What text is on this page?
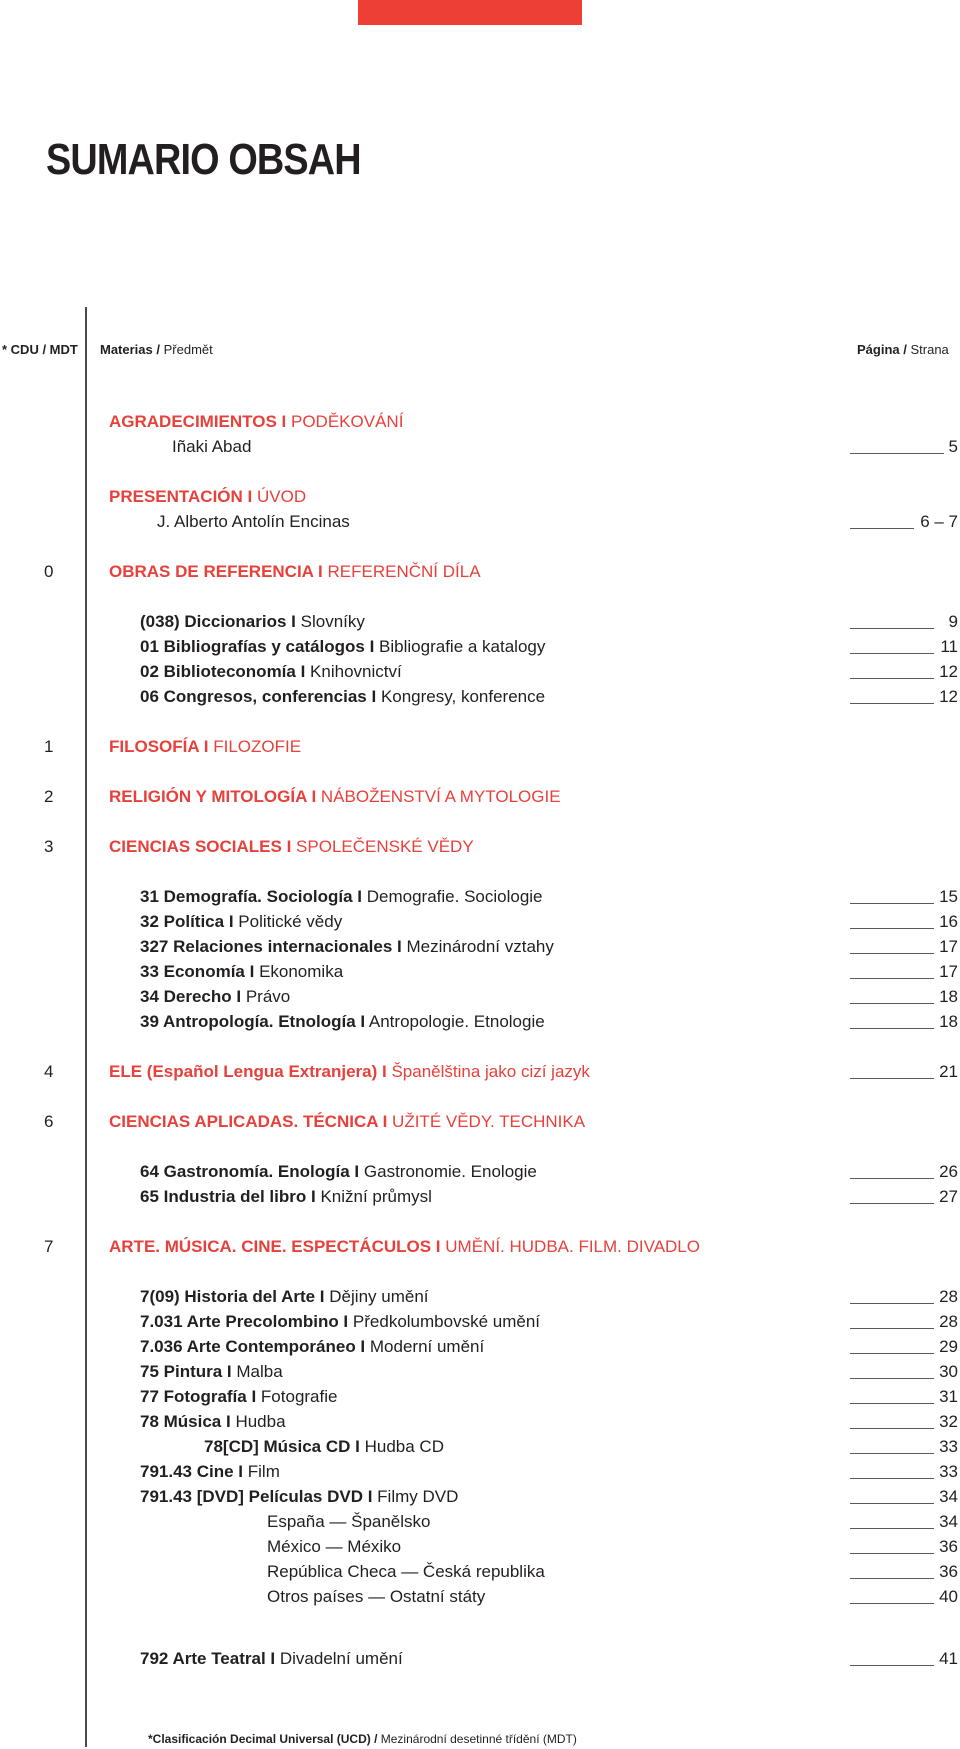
SUMARIO OBSAH
* CDU / MDT Materias / Předmět	Página / Strana
AGRADECIMIENTOS I PODĚKOVÁNÍ
Iñaki Abad	5
PRESENTACIÓN I ÚVOD
J. Alberto Antolín Encinas	6 – 7
0	OBRAS DE REFERENCIA I REFERENČNÍ DÍLA
(038) Diccionarios I Slovníky	9
01 Bibliografías y catálogos I Bibliografie a katalogy	11
02 Biblioteconomía I Knihovnictví	12
06 Congresos, conferencias I Kongresy, konference	12
1	FILOSOFÍA I FILOZOFIE
2	RELIGIÓN Y MITOLOGÍA I NÁBOŽENSTVÍ A MYTOLOGIE
3	CIENCIAS SOCIALES I SPOLEČENSKÉ VĚDY
31 Demografía. Sociología I Demografie. Sociologie	15
32 Política I Politické vědy	16
327 Relaciones internacionales I Mezinárodní vztahy	17
33 Economía I Ekonomika	17
34 Derecho I Právo	18
39 Antropología. Etnología I Antropologie. Etnologie	18
4	ELE (Español Lengua Extranjera) I Španělština jako cizí jazyk	21
6	CIENCIAS APLICADAS. TÉCNICA I UŽITÉ VĚDY. TECHNIKA
64 Gastronomía. Enología I Gastronomie. Enologie	26
65 Industria del libro I Knižní průmysl	27
7	ARTE. MÚSICA. CINE. ESPECTÁCULOS I UMĚNÍ. HUDBA. FILM. DIVADLO
7(09) Historia del Arte I Dějiny umění	28
7.031 Arte Precolombino I Předkolumbovské umění	28
7.036 Arte Contemporáneo I Moderní umění	29
75 Pintura I Malba	30
77 Fotografía I Fotografie	31
78 Música I Hudba	32
78[CD] Música CD I Hudba CD	33
791.43 Cine I Film	33
791.43 [DVD] Películas DVD I Filmy DVD	34
España — Španělsko	34
México — Méxiko	36
República Checa — Česká republika	36
Otros países — Ostatní státy	40
792 Arte Teatral I Divadelní umění	41
*Clasificación Decimal Universal (UCD) / Mezinárodní desetinné třídění (MDT)
